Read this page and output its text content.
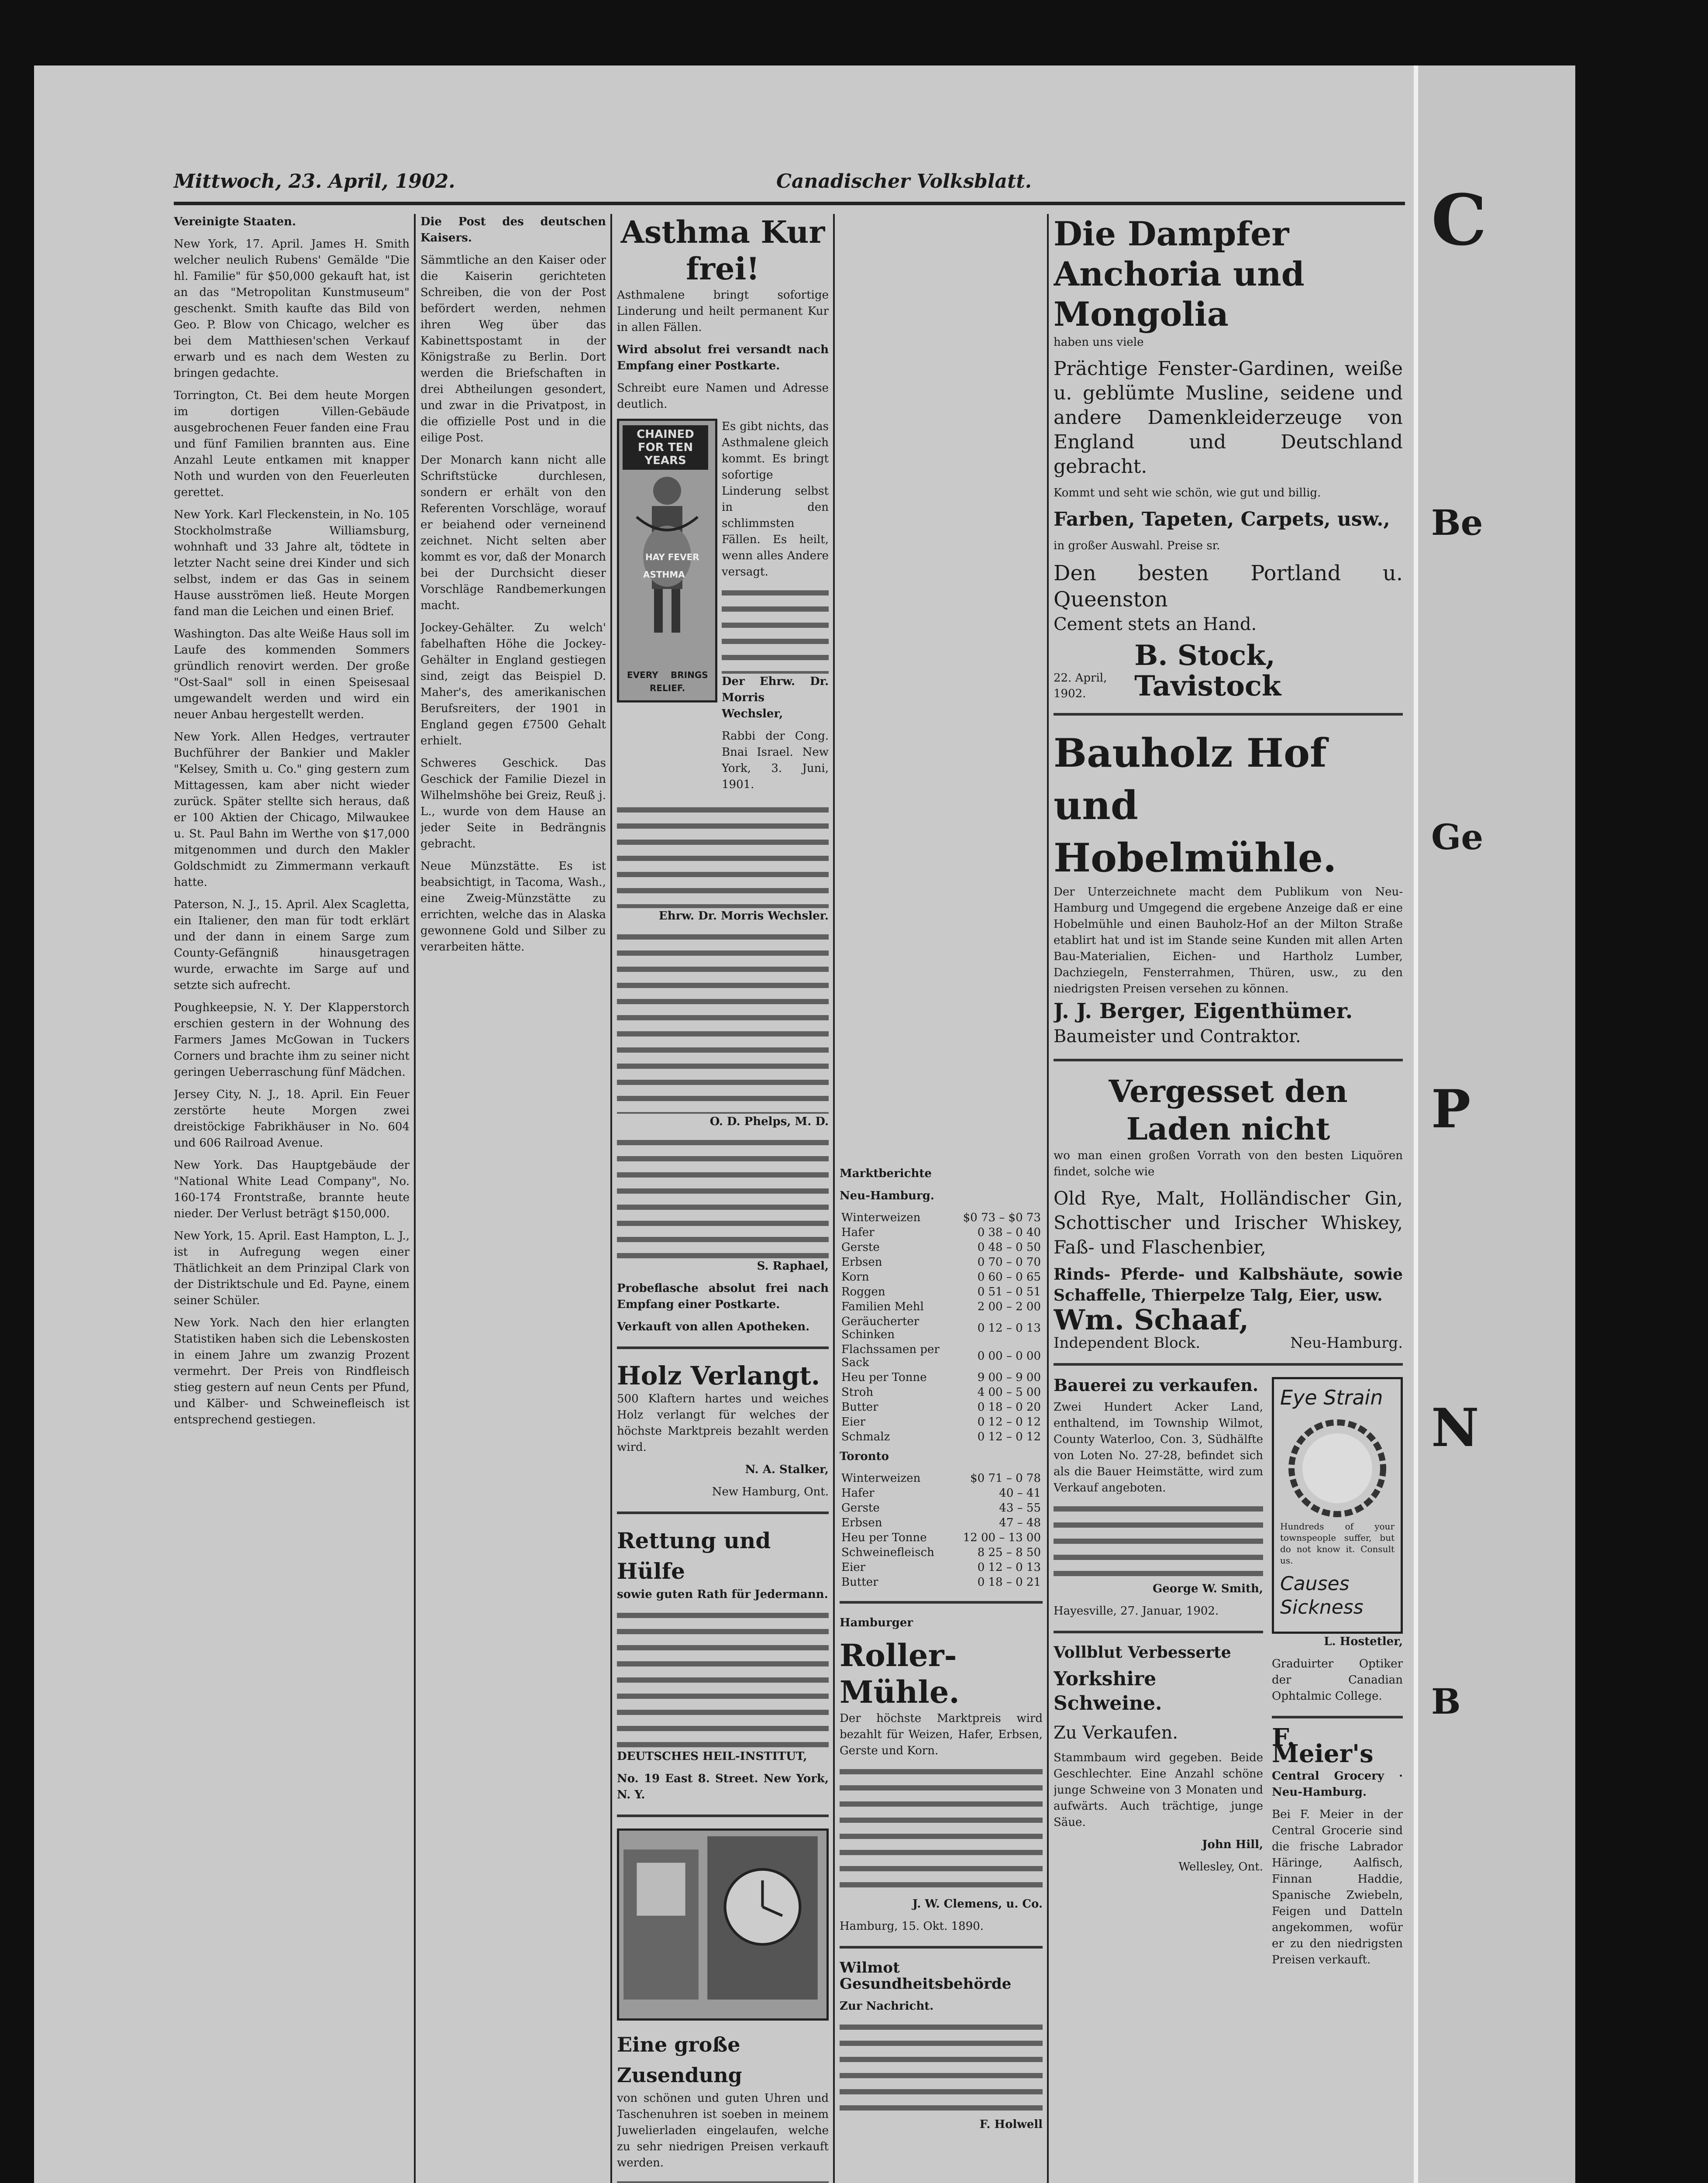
Mittwoch, 23. April, 1902.	Canadischer Volksblatt.

Vereinigte Staaten.

New York, 17. April. James H. Smith welcher neulich Rubens' Gemälde "Die hl. Familie" für $50,000 gekauft hat, ist an das "Metropolitan Kunstmuseum" geschenkt. Smith kaufte das Bild von Geo. P. Blow von Chicago, welcher es bei dem Matthiesen'schen Verkauf erwarb und es nach dem Westen zu bringen gedachte.

Torrington, Ct. Bei dem heute Morgen im dortigen Villen-Gebäude ausgebrochenen Feuer fanden eine Frau und fünf Familien brannten aus. Eine Anzahl Leute entkamen mit knapper Noth und wurden von den Feuerleuten gerettet.

New York. Karl Fleckenstein, in No. 105 Stockholmstraße Williamsburg, wohnhaft und 33 Jahre alt, tödtete in letzter Nacht seine drei Kinder und sich selbst, indem er das Gas in seinem Hause ausströmen ließ. Heute Morgen fand man die Leichen und einen Brief.

Washington. Das alte Weiße Haus soll im Laufe des kommenden Sommers gründlich renovirt werden. Der große "Ost-Saal" soll in einen Speisesaal umgewandelt werden und wird ein neuer Anbau hergestellt werden.

New York. Allen Hedges, vertrauter Buchführer der Bankier und Makler "Kelsey, Smith u. Co." ging gestern zum Mittagessen, kam aber nicht wieder zurück. Später stellte sich heraus, daß er 100 Aktien der Chicago, Milwaukee u. St. Paul Bahn im Werthe von $17,000 mitgenommen und durch den Makler Goldschmidt zu Zimmermann verkauft hatte.

Paterson, N. J., 15. April. Alex Scagletta, ein Italiener, den man für todt erklärt und der dann in einem Sarge zum County-Gefängniß hinausgetragen wurde, erwachte im Sarge auf und setzte sich aufrecht.

Poughkeepsie, N. Y. Der Klapperstorch erschien gestern in der Wohnung des Farmers James McGowan in Tuckers Corners und brachte ihm zu seiner nicht geringen Ueberraschung fünf Mädchen.

Jersey City, N. J., 18. April. Ein Feuer zerstörte heute Morgen zwei dreistöckige Fabrikhäuser in No. 604 und 606 Railroad Avenue.

New York. Das Hauptgebäude der "National White Lead Company", No. 160-174 Frontstraße, brannte heute nieder. Der Verlust beträgt $150,000.

New York, 15. April. East Hampton, L. J., ist in Aufregung wegen einer Thätlichkeit an dem Prinzipal Clark von der Distriktschule und Ed. Payne, einem seiner Schüler.

New York. Nach den hier erlangten Statistiken haben sich die Lebenskosten in einem Jahre um zwanzig Prozent vermehrt. Der Preis von Rindfleisch stieg gestern auf neun Cents per Pfund, und Kälber- und Schweinefleisch ist entsprechend gestiegen.

Die Post des deutschen Kaisers.

Sämmtliche an den Kaiser oder die Kaiserin gerichteten Schreiben, die von der Post befördert werden, nehmen ihren Weg über das Kabinettspostamt in der Königstraße zu Berlin. Dort werden die Briefschaften in drei Abtheilungen gesondert, und zwar in die Privatpost, in die offizielle Post und in die eilige Post.

Der Monarch kann nicht alle Schriftstücke durchlesen, sondern er erhält von den Referenten Vorschläge, worauf er beiahend oder verneinend zeichnet. Nicht selten aber kommt es vor, daß der Monarch bei der Durchsicht dieser Vorschläge Randbemerkungen macht.

Jockey-Gehälter. Zu welch' fabelhaften Höhe die Jockey-Gehälter in England gestiegen sind, zeigt das Beispiel D. Maher's, des amerikanischen Berufsreiters, der 1901 in England gegen £7500 Gehalt erhielt.

Schweres Geschick. Das Geschick der Familie Diezel in Wilhelmshöhe bei Greiz, Reuß j. L., wurde von dem Hause an jeder Seite in Bedrängnis gebracht.

Neue Münzstätte. Es ist beabsichtigt, in Tacoma, Wash., eine Zweig-Münzstätte zu errichten, welche das in Alaska gewonnene Gold und Silber zu verarbeiten hätte.

Asthma Kur frei!

Asthmalene bringt sofortige Linderung und heilt permanent Kur in allen Fällen.

Wird absolut frei versandt nach Empfang einer Postkarte.

Schreibt eure Namen und Adresse deutlich.

CHAINED FOR TEN YEARS
HAY FEVER
ASTHMA
EVERY BRINGS
RELIEF.

Es gibt nichts, das Asthmalene gleich kommt. Es bringt sofortige Linderung selbst in den schlimmsten Fällen. Es heilt, wenn alles Andere versagt.

Der Ehrw. Dr. Morris Wechsler,

Rabbi der Cong. Bnai Israel. New York, 3. Juni, 1901.

Ehrw. Dr. Morris Wechsler.

O. D. Phelps, M. D.

S. Raphael,

Probeflasche absolut frei nach Empfang einer Postkarte.

Verkauft von allen Apotheken.

Holz Verlangt.

500 Klaftern hartes und weiches Holz verlangt für welches der höchste Marktpreis bezahlt werden wird.

N. A. Stalker,

New Hamburg, Ont.

Rettung und Hülfe

sowie guten Rath für Jedermann.

DEUTSCHES HEIL-INSTITUT,

No. 19 East 8. Street. New York, N. Y.

Eine große Zusendung

von schönen und guten Uhren und Taschenuhren ist soeben in meinem Juwelierladen eingelaufen, welche zu sehr niedrigen Preisen verkauft werden.

Marktberichte

Neu-Hamburg.

Winterweizen	$0 73 – $0 73
Hafer	0 38 – 0 40
Gerste	0 48 – 0 50
Erbsen	0 70 – 0 70
Korn	0 60 – 0 65
Roggen	0 51 – 0 51
Familien Mehl	2 00 – 2 00
Geräucherter Schinken	0 12 – 0 13
Flachssamen per Sack	0 00 – 0 00
Heu per Tonne	9 00 – 9 00
Stroh	4 00 – 5 00
Butter	0 18 – 0 20
Eier	0 12 – 0 12
Schmalz	0 12 – 0 12

Toronto

Winterweizen	$0 71 – 0 78
Hafer	40 – 41
Gerste	43 – 55
Erbsen	47 – 48
Heu per Tonne	12 00 – 13 00
Schweinefleisch	8 25 – 8 50
Eier	0 12 – 0 13
Butter	0 18 – 0 21

Hamburger

Roller-Mühle.

Der höchste Marktpreis wird bezahlt für Weizen, Hafer, Erbsen, Gerste und Korn.

J. W. Clemens, u. Co.

Hamburg, 15. Okt. 1890.

Wilmot Gesundheitsbehörde

Zur Nachricht.

F. Holwell

Die Dampfer Anchoria und Mongolia

haben uns viele

Prächtige Fenster-Gardinen, weiße u. geblümte Musline, seidene und andere Damenkleiderzeuge von England und Deutschland gebracht.

Kommt und seht wie schön, wie gut und billig.

Farben, Tapeten, Carpets, usw.,

in großer Auswahl. Preise sr.

Den besten Portland u. Queenston

Cement stets an Hand.

22. April, 1902.
B. Stock, Tavistock
Bauholz Hof und Hobelmühle.

Der Unterzeichnete macht dem Publikum von Neu-Hamburg und Umgegend die ergebene Anzeige daß er eine Hobelmühle und einen Bauholz-Hof an der Milton Straße etablirt hat und ist im Stande seine Kunden mit allen Arten Bau-Materialien, Eichen- und Hartholz Lumber, Dachziegeln, Fensterrahmen, Thüren, usw., zu den niedrigsten Preisen versehen zu können.

J. J. Berger, Eigenthümer.

Baumeister und Contraktor.

Vergesset den Laden nicht

wo man einen großen Vorrath von den besten Liquören findet, solche wie

Old Rye, Malt, Holländischer Gin, Schottischer und Irischer Whiskey, Faß- und Flaschenbier,

Rinds- Pferde- und Kalbshäute, sowie Schaffelle, Thierpelze Talg, Eier, usw.

Wm. Schaaf,

Independent Block.	Neu-Hamburg.

Bauerei zu verkaufen.

Zwei Hundert Acker Land, enthaltend, im Township Wilmot, County Waterloo, Con. 3, Südhälfte von Loten No. 27-28, befindet sich als die Bauer Heimstätte, wird zum Verkauf angeboten.

George W. Smith,

Hayesville, 27. Januar, 1902.

Vollblut Verbesserte

Yorkshire Schweine.

Zu Verkaufen.

Stammbaum wird gegeben. Beide Geschlechter. Eine Anzahl schöne junge Schweine von 3 Monaten und aufwärts. Auch trächtige, junge Säue.

John Hill,

Wellesley, Ont.

Eye Strain

Hundreds of your townspeople suffer, but do not know it. Consult us.

Causes Sickness

L. Hostetler,

Graduirter Optiker der Canadian Ophtalmic College.

F. Meier's

Central Grocery · Neu-Hamburg.

Bei F. Meier in der Central Grocerie sind die frische Labrador Häringe, Aalfisch, Finnan Haddie, Spanische Zwiebeln, Feigen und Datteln angekommen, wofür er zu den niedrigsten Preisen verkauft.

C
Be
Ge
P
N
B
